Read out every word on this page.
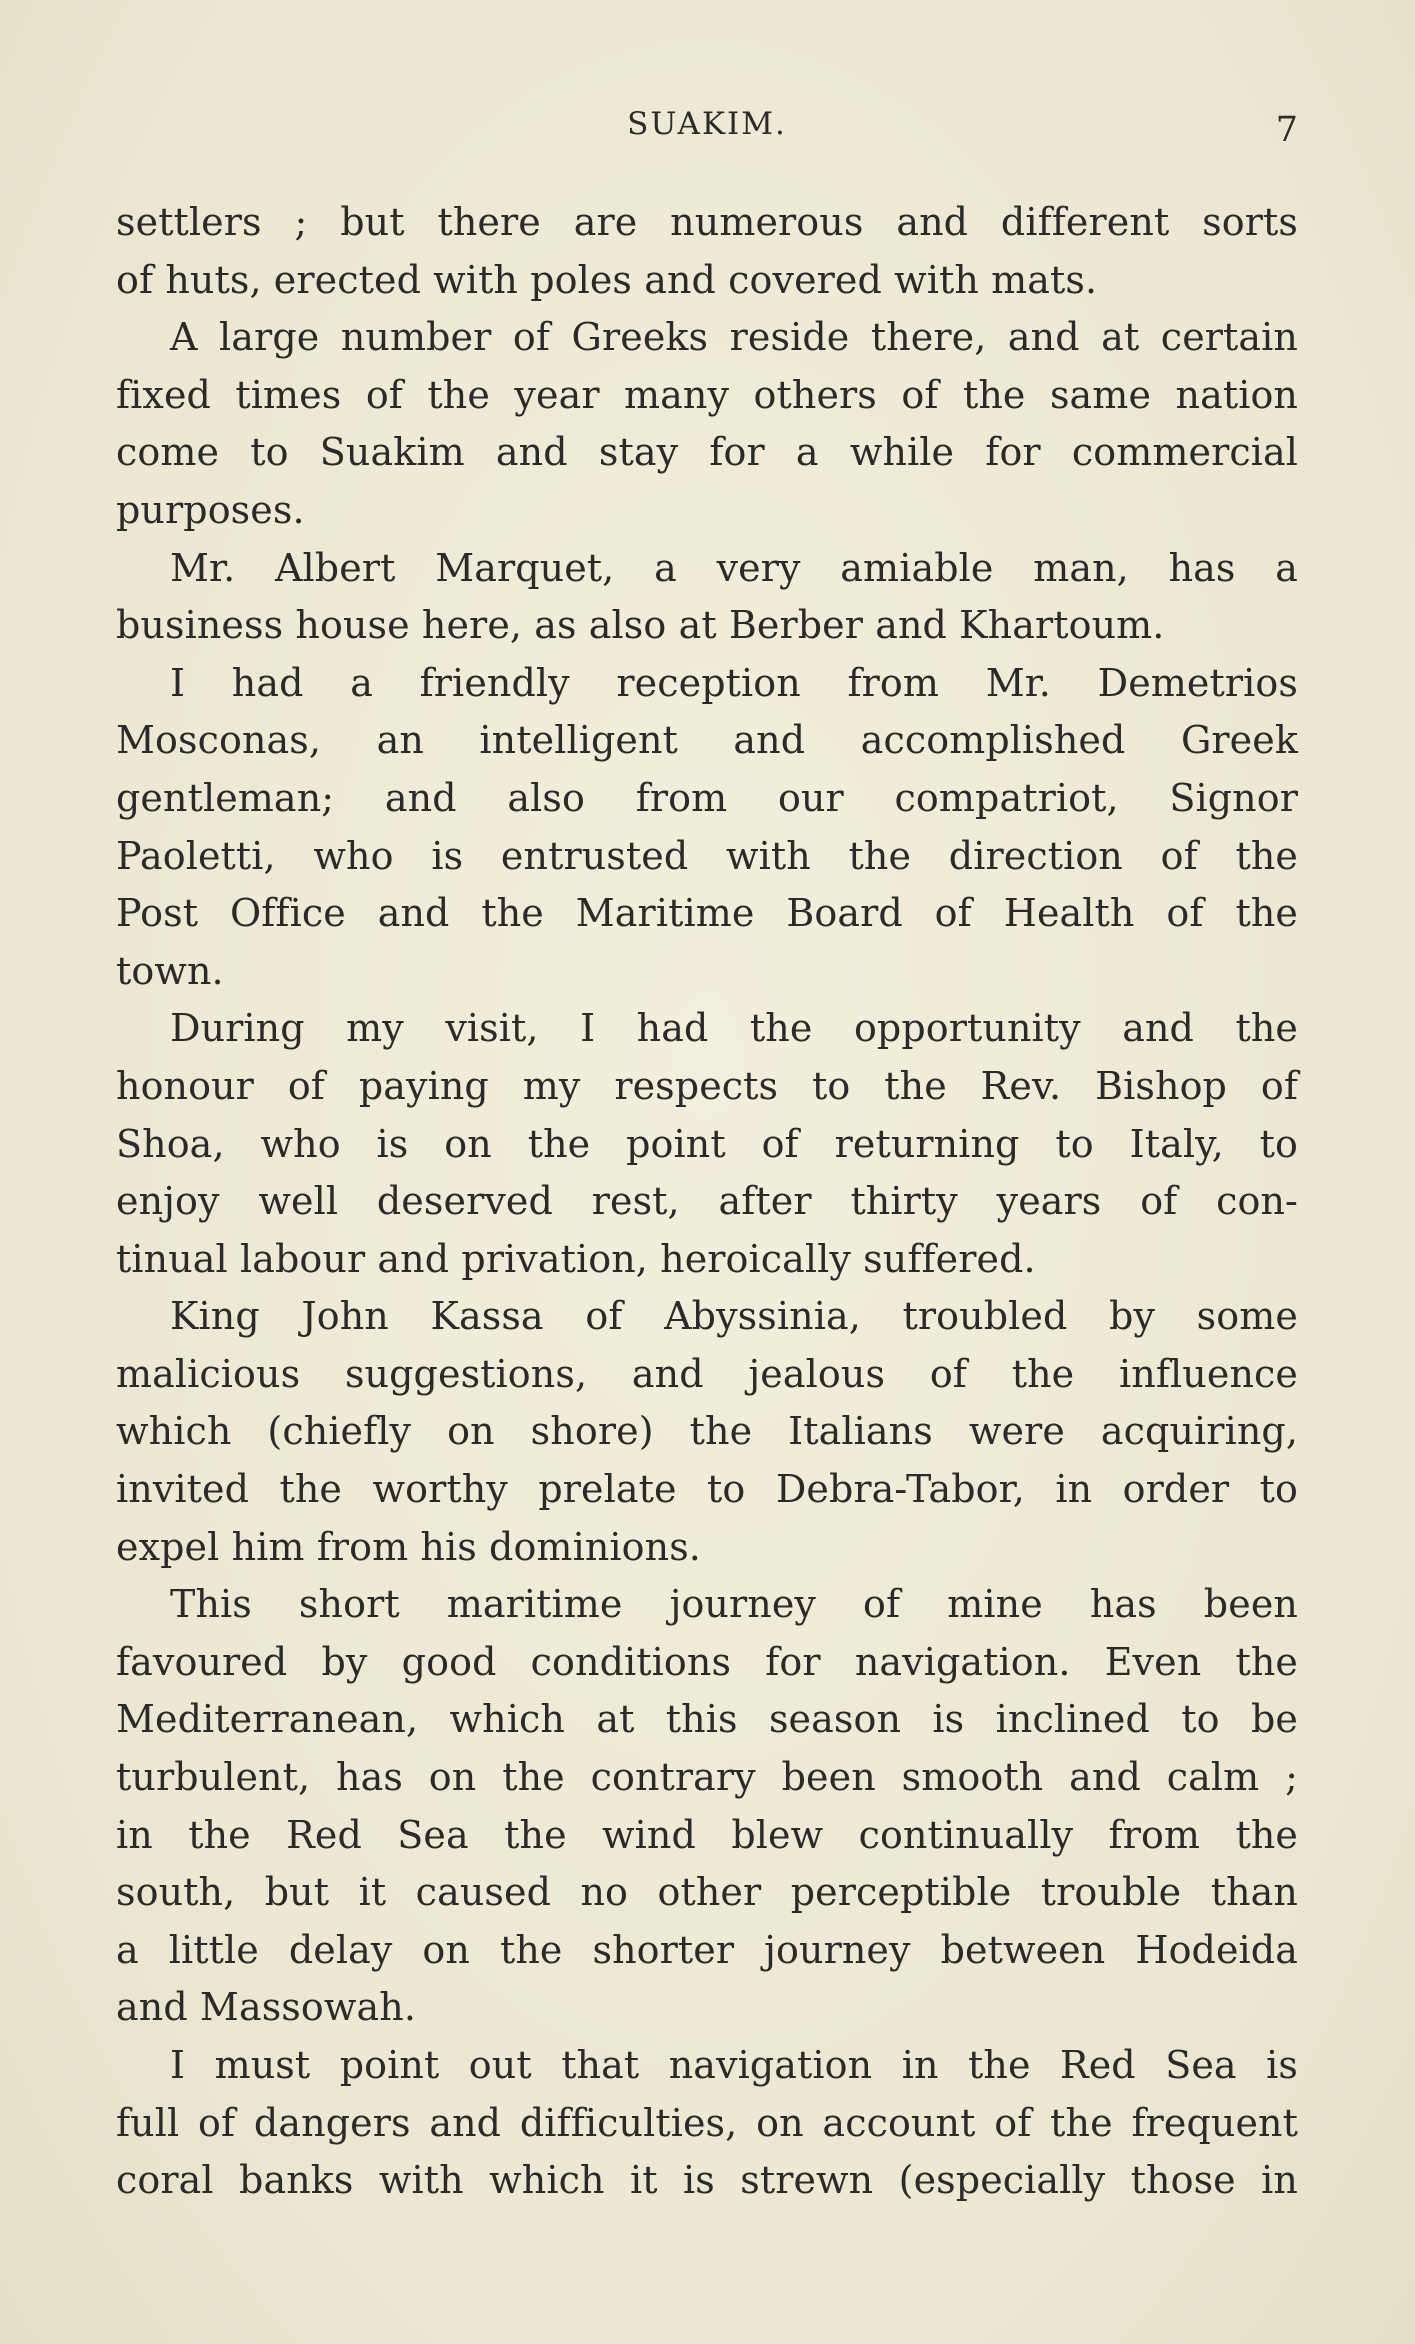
SUAKIM.	7
settlers ; but there are numerous and different sorts
of huts, erected with poles and covered with mats.
A large number of Greeks reside there, and at certain
fixed times of the year many others of the same nation
come to Suakim and stay for a while for commercial
purposes.
Mr. Albert Marquet, a very amiable man, has a
business house here, as also at Berber and Khartoum.
I had a friendly reception from Mr. Demetrios
Mosconas, an intelligent and accomplished Greek
gentleman; and also from our compatriot, Signor
Paoletti, who is entrusted with the direction of the
Post Office and the Maritime Board of Health of the
town.
During my visit, I had the opportunity and the
honour of paying my respects to the Rev. Bishop of
Shoa, who is on the point of returning to Italy, to
enjoy well deserved rest, after thirty years of con-
tinual labour and privation, heroically suffered.
King John Kassa of Abyssinia, troubled by some
malicious suggestions, and jealous of the influence
which (chiefly on shore) the Italians were acquiring,
invited the worthy prelate to Debra-Tabor, in order to
expel him from his dominions.
This short maritime journey of mine has been
favoured by good conditions for navigation. Even the
Mediterranean, which at this season is inclined to be
turbulent, has on the contrary been smooth and calm ;
in the Red Sea the wind blew continually from the
south, but it caused no other perceptible trouble than
a little delay on the shorter journey between Hodeida
and Massowah.
I must point out that navigation in the Red Sea is
full of dangers and difficulties, on account of the frequent
coral banks with which it is strewn (especially those in
